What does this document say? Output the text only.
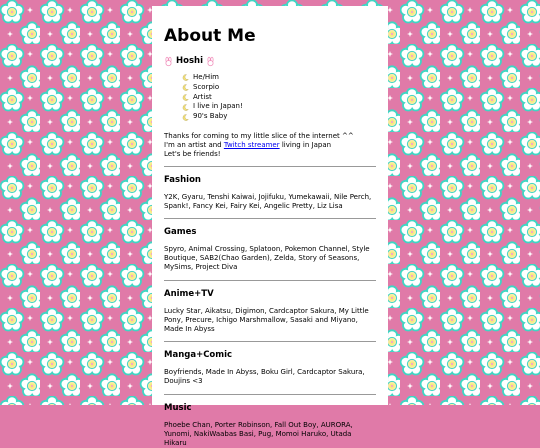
About Me
Hoshi
He/Him
Scorpio
Artist
I live in Japan!
90's Baby

Thanks for coming to my little slice of the internet ^^
I'm an artist and Twitch streamer living in Japan
Let's be friends!

Fashion

Y2K, Gyaru, Tenshi Kaiwai, Jojifuku, Yumekawaii, Nile Perch, Spank!, Fancy Kei, Fairy Kei, Angelic Pretty, Liz Lisa

Games

Spyro, Animal Crossing, Splatoon, Pokemon Channel, Style Boutique, SAB2(Chao Garden), Zelda, Story of Seasons, MySims, Project Diva

Anime+TV

Lucky Star, Aikatsu, Digimon, Cardcaptor Sakura, My Little Pony, Precure, Ichigo Marshmallow, Sasaki and Miyano, Made In Abyss

Manga+Comic

Boyfriends, Made In Abyss, Boku Girl, Cardcaptor Sakura, Doujins <3

Music

Phoebe Chan, Porter Robinson, Fall Out Boy, AURORA, Yunomi, NakiWaabas Basi, Pug, Momoi Haruko, Utada Hikaru
